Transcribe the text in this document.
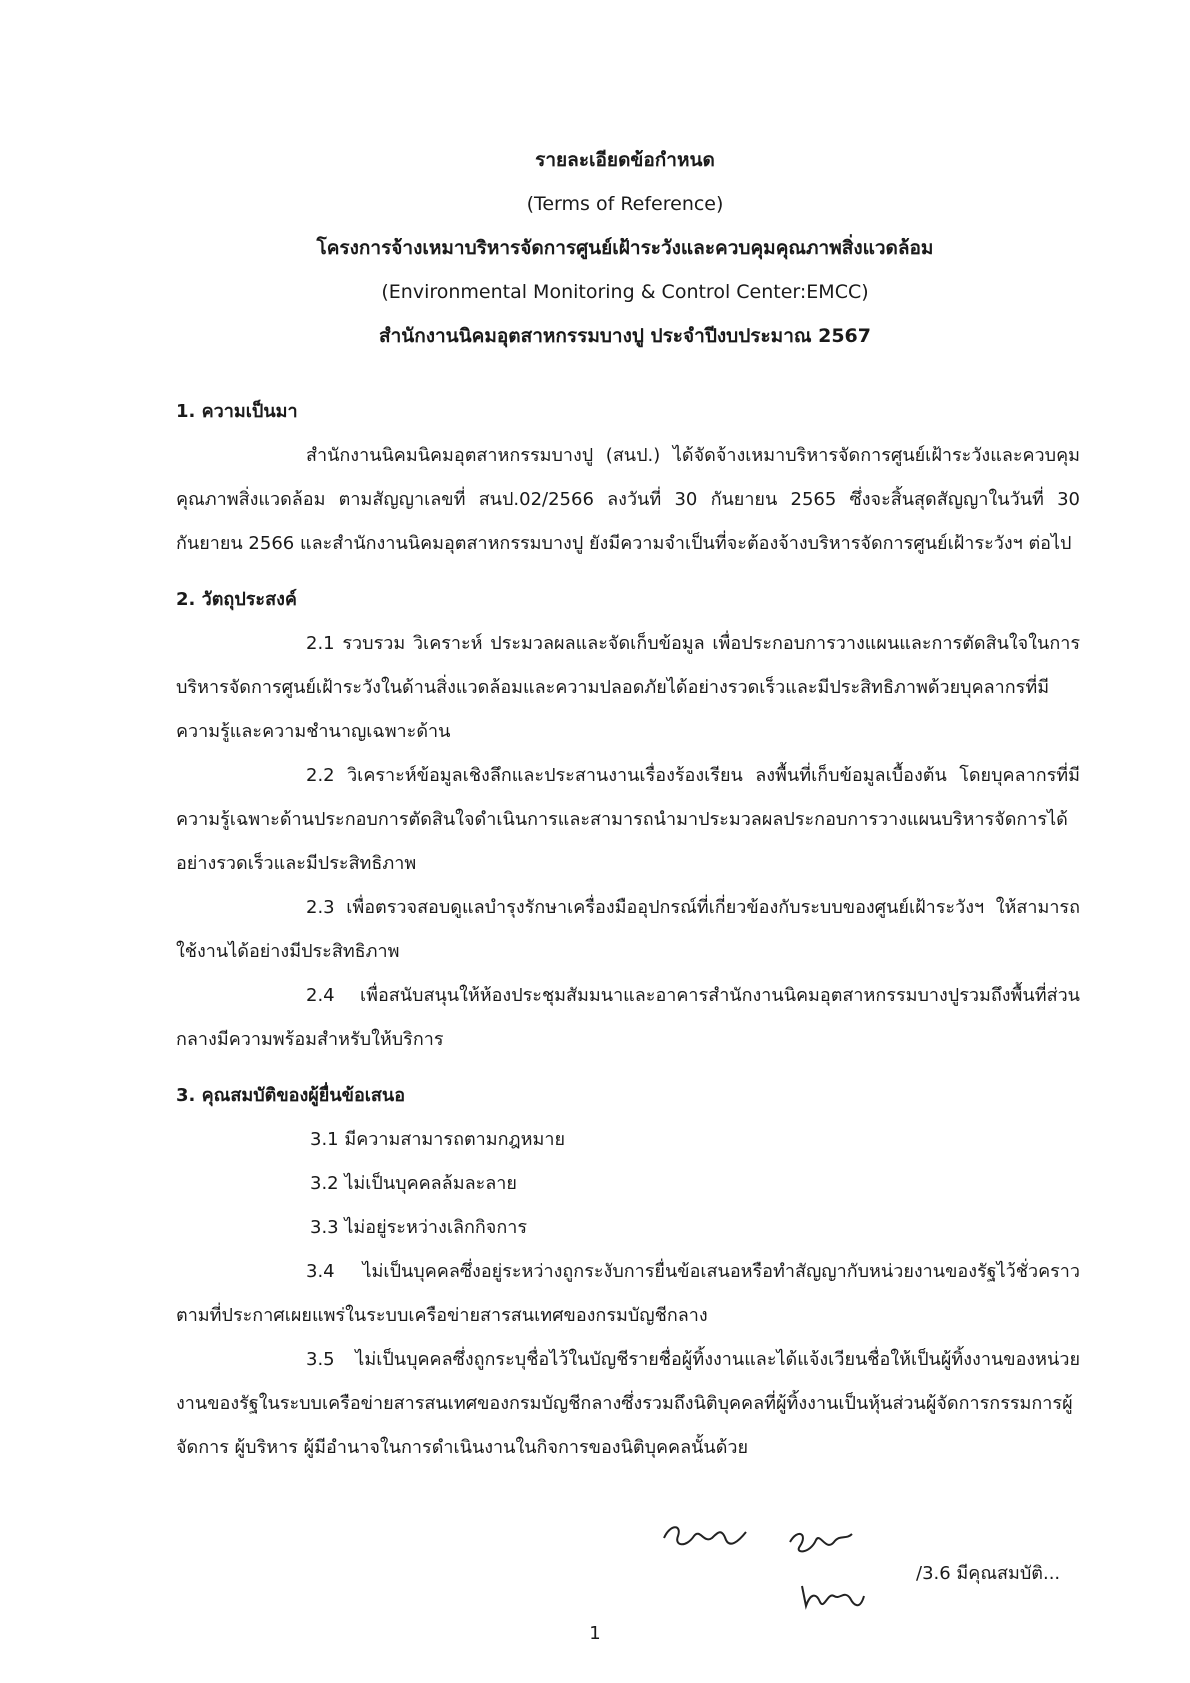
รายละเอียดข้อกำหนด
(Terms of Reference)
โครงการจ้างเหมาบริหารจัดการศูนย์เฝ้าระวังและควบคุมคุณภาพสิ่งแวดล้อม
(Environmental Monitoring & Control Center:EMCC)
สำนักงานนิคมอุตสาหกรรมบางปู ประจำปีงบประมาณ 2567

1. ความเป็นมา

สำนักงานนิคมนิคมอุตสาหกรรมบางปู (สนป.) ได้จัดจ้างเหมาบริหารจัดการศูนย์เฝ้าระวังและควบคุมคุณภาพสิ่งแวดล้อม ตามสัญญาเลขที่ สนป.02/2566 ลงวันที่ 30 กันยายน 2565 ซึ่งจะสิ้นสุดสัญญาในวันที่ 30 กันยายน 2566 และสำนักงานนิคมอุตสาหกรรมบางปู ยังมีความจำเป็นที่จะต้องจ้างบริหารจัดการศูนย์เฝ้าระวังฯ ต่อไป

2. วัตถุประสงค์

2.1 รวบรวม วิเคราะห์ ประมวลผลและจัดเก็บข้อมูล เพื่อประกอบการวางแผนและการตัดสินใจในการบริหารจัดการศูนย์เฝ้าระวังในด้านสิ่งแวดล้อมและความปลอดภัยได้อย่างรวดเร็วและมีประสิทธิภาพด้วยบุคลากรที่มีความรู้และความชำนาญเฉพาะด้าน

2.2 วิเคราะห์ข้อมูลเชิงลึกและประสานงานเรื่องร้องเรียน ลงพื้นที่เก็บข้อมูลเบื้องต้น โดยบุคลากรที่มีความรู้เฉพาะด้านประกอบการตัดสินใจดำเนินการและสามารถนำมาประมวลผลประกอบการวางแผนบริหารจัดการได้อย่างรวดเร็วและมีประสิทธิภาพ

2.3 เพื่อตรวจสอบดูแลบำรุงรักษาเครื่องมืออุปกรณ์ที่เกี่ยวข้องกับระบบของศูนย์เฝ้าระวังฯ ให้สามารถใช้งานได้อย่างมีประสิทธิภาพ

2.4 เพื่อสนับสนุนให้ห้องประชุมสัมมนาและอาคารสำนักงานนิคมอุตสาหกรรมบางปูรวมถึงพื้นที่ส่วนกลางมีความพร้อมสำหรับให้บริการ

3. คุณสมบัติของผู้ยื่นข้อเสนอ

3.1 มีความสามารถตามกฎหมาย

3.2 ไม่เป็นบุคคลล้มละลาย

3.3 ไม่อยู่ระหว่างเลิกกิจการ

3.4 ไม่เป็นบุคคลซึ่งอยู่ระหว่างถูกระงับการยื่นข้อเสนอหรือทำสัญญากับหน่วยงานของรัฐไว้ชั่วคราวตามที่ประกาศเผยแพร่ในระบบเครือข่ายสารสนเทศของกรมบัญชีกลาง

3.5 ไม่เป็นบุคคลซึ่งถูกระบุชื่อไว้ในบัญชีรายชื่อผู้ทิ้งงานและได้แจ้งเวียนชื่อให้เป็นผู้ทิ้งงานของหน่วยงานของรัฐในระบบเครือข่ายสารสนเทศของกรมบัญชีกลางซึ่งรวมถึงนิติบุคคลที่ผู้ทิ้งงานเป็นหุ้นส่วนผู้จัดการกรรมการผู้จัดการ ผู้บริหาร ผู้มีอำนาจในการดำเนินงานในกิจการของนิติบุคคลนั้นด้วย

/3.6 มีคุณสมบัติ...
1
